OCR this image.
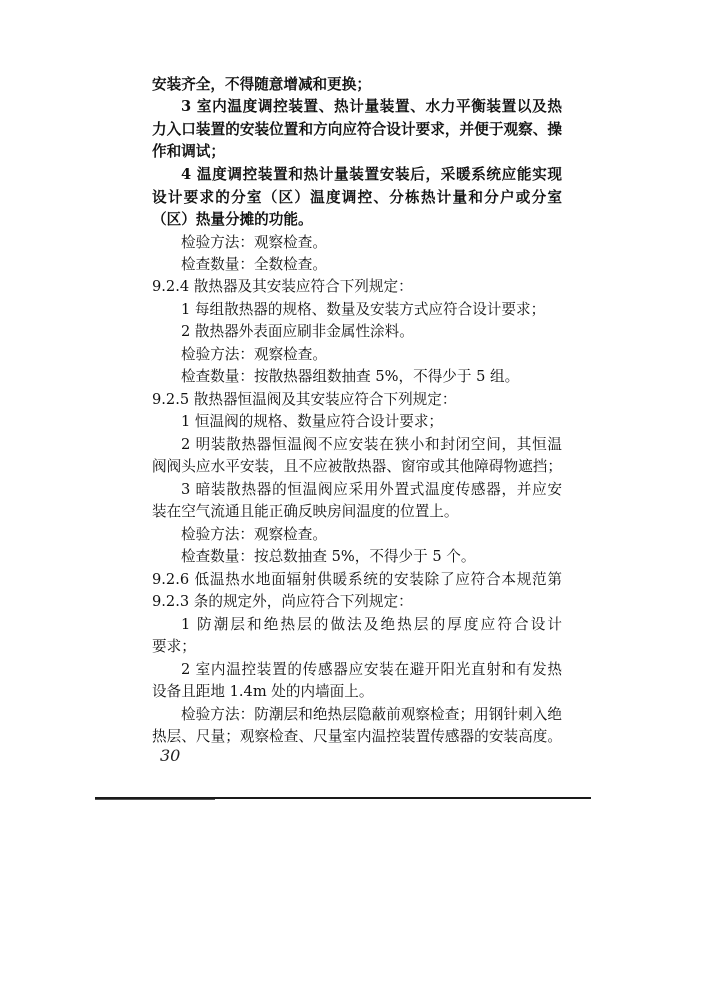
安装齐全，不得随意增减和更换；
3 室内温度调控装置、热计量装置、水力平衡装置以及热
力入口装置的安装位置和方向应符合设计要求，并便于观察、操
作和调试；
4 温度调控装置和热计量装置安装后，采暖系统应能实现
设计要求的分室（区）温度调控、分栋热计量和分户或分室
（区）热量分摊的功能。
检验方法：观察检查。
检查数量：全数检查。
9.2.4 散热器及其安装应符合下列规定：
1 每组散热器的规格、数量及安装方式应符合设计要求；
2 散热器外表面应刷非金属性涂料。
检验方法：观察检查。
检查数量：按散热器组数抽查 5%，不得少于 5 组。
9.2.5 散热器恒温阀及其安装应符合下列规定：
1 恒温阀的规格、数量应符合设计要求；
2 明装散热器恒温阀不应安装在狭小和封闭空间，其恒温
阀阀头应水平安装，且不应被散热器、窗帘或其他障碍物遮挡；
3 暗装散热器的恒温阀应采用外置式温度传感器，并应安
装在空气流通且能正确反映房间温度的位置上。
检验方法：观察检查。
检查数量：按总数抽查 5%，不得少于 5 个。
9.2.6 低温热水地面辐射供暖系统的安装除了应符合本规范第
9.2.3 条的规定外，尚应符合下列规定：
1 防潮层和绝热层的做法及绝热层的厚度应符合设计
要求；
2 室内温控装置的传感器应安装在避开阳光直射和有发热
设备且距地 1.4m 处的内墙面上。
检验方法：防潮层和绝热层隐蔽前观察检查；用钢针刺入绝
热层、尺量；观察检查、尺量室内温控装置传感器的安装高度。
30
